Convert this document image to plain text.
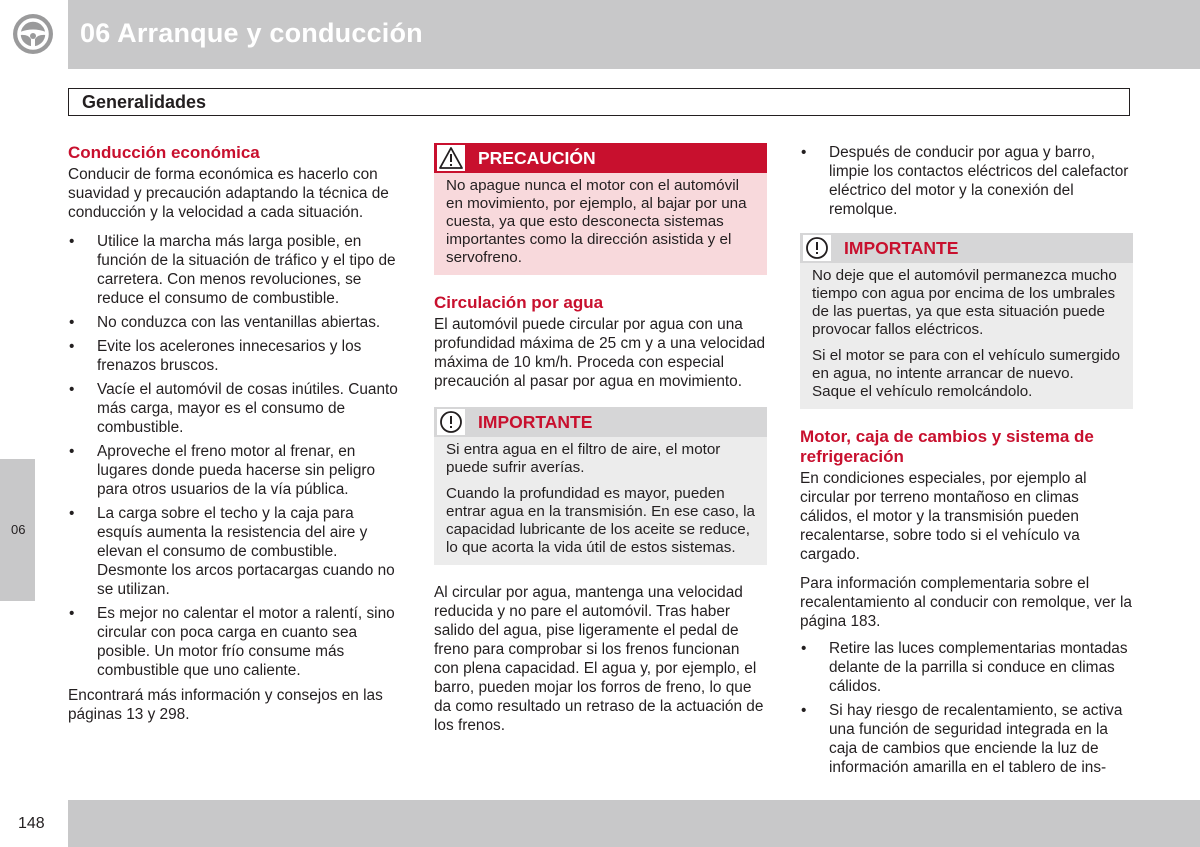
06 Arranque y conducción
Generalidades
06
Conducción económica

Conducir de forma económica es hacerlo con suavidad y precaución adaptando la técnica de conducción y la velocidad a cada situación.

• Utilice la marcha más larga posible, en función de la situación de tráfico y el tipo de carretera. Con menos revoluciones, se reduce el consumo de combustible.
• No conduzca con las ventanillas abiertas.
• Evite los acelerones innecesarios y los frenazos bruscos.
• Vacíe el automóvil de cosas inútiles. Cuanto más carga, mayor es el consumo de combustible.
• Aproveche el freno motor al frenar, en lugares donde pueda hacerse sin peligro para otros usuarios de la vía pública.
• La carga sobre el techo y la caja para esquís aumenta la resistencia del aire y elevan el consumo de combustible. Desmonte los arcos portacargas cuando no se utilizan.
• Es mejor no calentar el motor a ralentí, sino circular con poca carga en cuanto sea posible. Un motor frío consume más combustible que uno caliente.

Encontrará más información y consejos en las páginas 13 y 298.

PRECAUCIÓN

No apague nunca el motor con el automóvil en movimiento, por ejemplo, al bajar por una cuesta, ya que esto desconecta sistemas importantes como la dirección asistida y el servofreno.

Circulación por agua

El automóvil puede circular por agua con una profundidad máxima de 25 cm y a una velocidad máxima de 10 km/h. Proceda con especial precaución al pasar por agua en movimiento.

IMPORTANTE

Si entra agua en el filtro de aire, el motor puede sufrir averías.

Cuando la profundidad es mayor, pueden entrar agua en la transmisión. En ese caso, la capacidad lubricante de los aceite se reduce, lo que acorta la vida útil de estos sistemas.

Al circular por agua, mantenga una velocidad reducida y no pare el automóvil. Tras haber salido del agua, pise ligeramente el pedal de freno para comprobar si los frenos funcionan con plena capacidad. El agua y, por ejemplo, el barro, pueden mojar los forros de freno, lo que da como resultado un retraso de la actuación de los frenos.

• Después de conducir por agua y barro, limpie los contactos eléctricos del calefactor eléctrico del motor y la conexión del remolque.
IMPORTANTE

No deje que el automóvil permanezca mucho tiempo con agua por encima de los umbrales de las puertas, ya que esta situación puede provocar fallos eléctricos.

Si el motor se para con el vehículo sumergido en agua, no intente arrancar de nuevo. Saque el vehículo remolcándolo.

Motor, caja de cambios y sistema de refrigeración

En condiciones especiales, por ejemplo al circular por terreno montañoso en climas cálidos, el motor y la transmisión pueden recalentarse, sobre todo si el vehículo va cargado.

Para información complementaria sobre el recalentamiento al conducir con remolque, ver la página 183.

• Retire las luces complementarias montadas delante de la parrilla si conduce en climas cálidos.
• Si hay riesgo de recalentamiento, se activa una función de seguridad integrada en la caja de cambios que enciende la luz de información amarilla en el tablero de ins-
148
